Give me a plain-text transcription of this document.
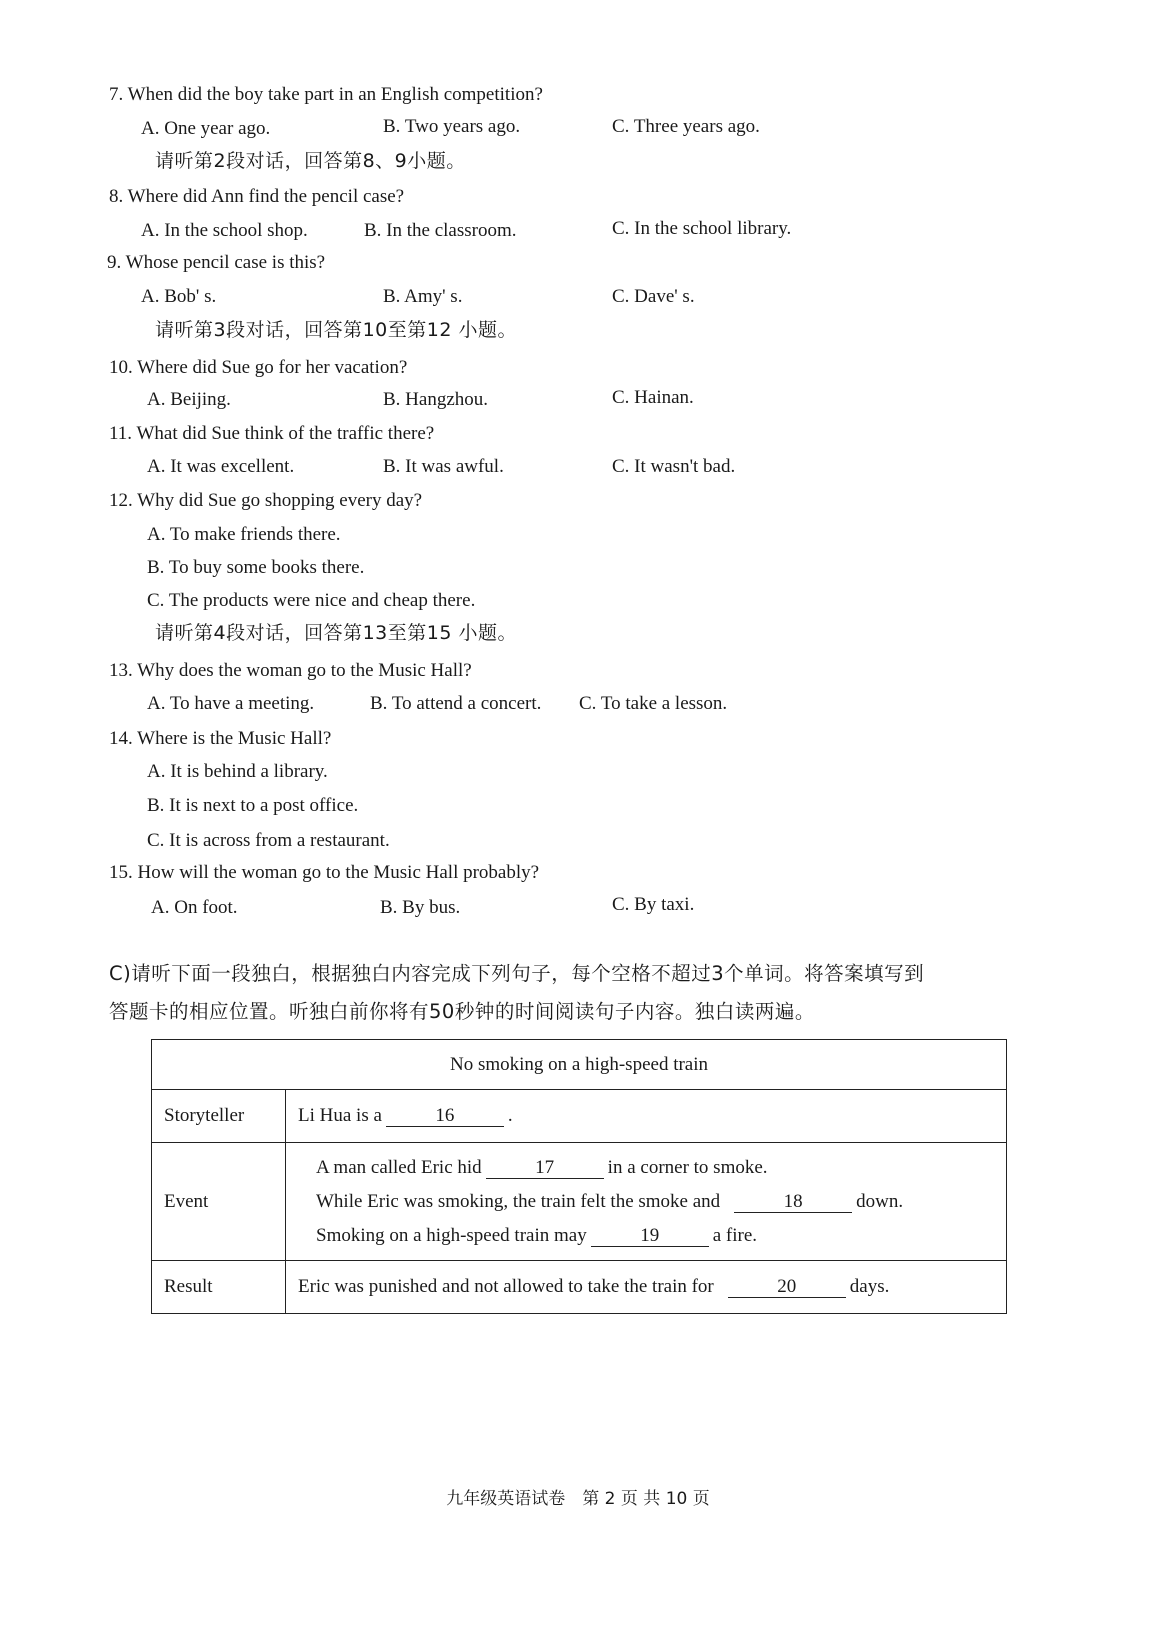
7. When did the boy take part in an English competition?
A. One year ago.	B. Two years ago.	C. Three years ago.
请听第2段对话，回答第8、9小题。
8. Where did Ann find the pencil case?
A. In the school shop.	B. In the classroom.	C. In the school library.
9. Whose pencil case is this?
A. Bob' s.	B. Amy' s.	C. Dave' s.
请听第3段对话，回答第10至第12 小题。
10. Where did Sue go for her vacation?
A. Beijing.	B. Hangzhou.	C. Hainan.
11. What did Sue think of the traffic there?
A. It was excellent.	B. It was awful.	C. It wasn't bad.
12. Why did Sue go shopping every day?
A. To make friends there.
B. To buy some books there.
C. The products were nice and cheap there.
请听第4段对话，回答第13至第15 小题。
13. Why does the woman go to the Music Hall?
A. To have a meeting.	B. To attend a concert. C. To take a lesson.
14. Where is the Music Hall?
A. It is behind a library.
B. It is next to a post office.
C. It is across from a restaurant.
15. How will the woman go to the Music Hall probably?
A. On foot.	B. By bus.	C. By taxi.
C)请听下面一段独白，根据独白内容完成下列句子，每个空格不超过3个单词。将答案填写到
答题卡的相应位置。听独白前你将有50秒钟的时间阅读句子内容。独白读两遍。
No smoking on a high-speed train	
Storyteller	Li Hua is a 16 .
Event	A man called Eric hid 17 in a corner to smoke.
While Eric was smoking, the train felt the smoke and 18 down.
Smoking on a high-speed train may 19 a fire.

Result	Eric was punished and not allowed to take the train for 20 days.
九年级英语试卷　第 2 页 共 10 页
